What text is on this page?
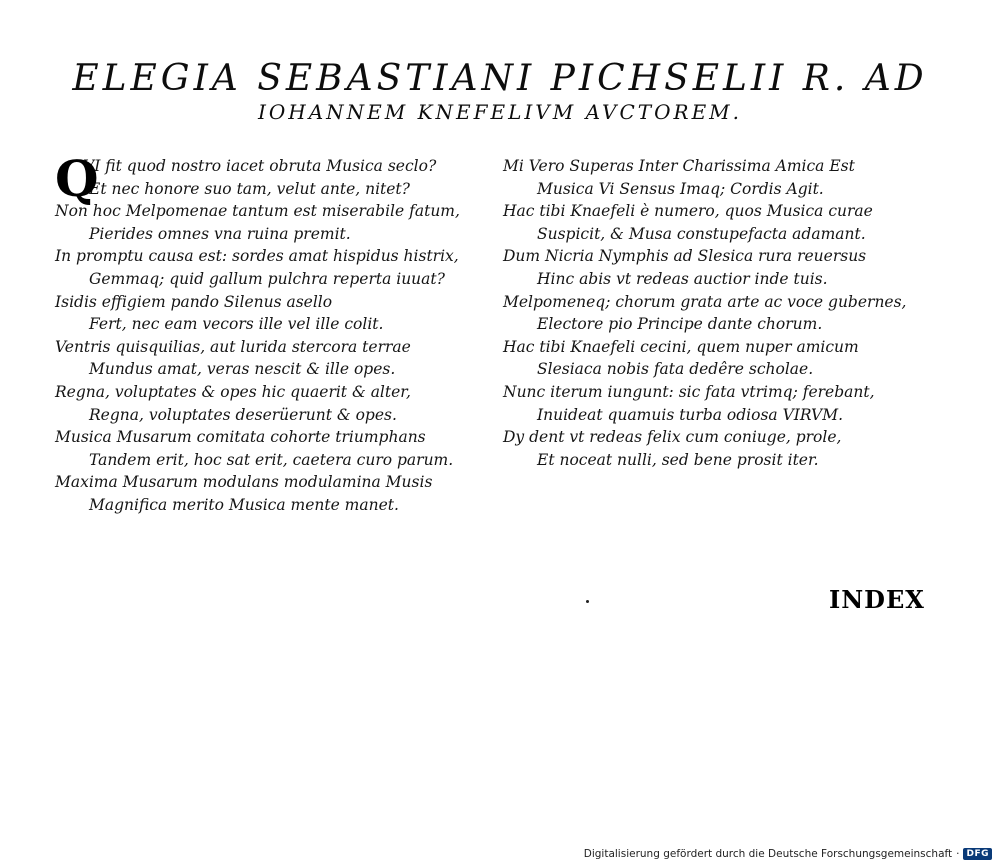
ELEGIA SEBASTIANI PICHSELII R. AD
IOHANNEM KNEFELIVM AVCTOREM.
Q
VI fit quod nostro iacet obruta Musica seclo?
Et nec honore suo tam, velut ante, nitet?
Non hoc Melpomenae tantum est miserabile fatum,
Pierides omnes vna ruina premit.
In promptu causa est: sordes amat hispidus histrix,
Gemmaq; quid gallum pulchra reperta iuuat?
Isidis effigiem pando Silenus asello
Fert, nec eam vecors ille vel ille colit.
Ventris quisquilias, aut lurida stercora terrae
Mundus amat, veras nescit & ille opes.
Regna, voluptates & opes hic quaerit & alter,
Regna, voluptates deserüerunt & opes.
Musica Musarum comitata cohorte triumphans
Tandem erit, hoc sat erit, caetera curo parum.
Maxima Musarum modulans modulamina Musis
Magnifica merito Musica mente manet.
Mi Vero Superas Inter Charissima Amica Est
Musica Vi Sensus Imaq; Cordis Agit.
Hac tibi Knaefeli è numero, quos Musica curae
Suspicit, & Musa constupefacta adamant.
Dum Nicria Nymphis ad Slesica rura reuersus
Hinc abis vt redeas auctior inde tuis.
Melpomeneq; chorum grata arte ac voce gubernes,
Electore pio Principe dante chorum.
Hac tibi Knaefeli cecini, quem nuper amicum
Slesiaca nobis fata dedêre scholae.
Nunc iterum iungunt: sic fata vtrimq; ferebant,
Inuideat quamuis turba odiosa VIRVM.
Dy dent vt redeas felix cum coniuge, prole,
Et noceat nulli, sed bene prosit iter.
INDEX
Digitalisierung gefördert durch die Deutsche Forschungsgemeinschaft · DFG
